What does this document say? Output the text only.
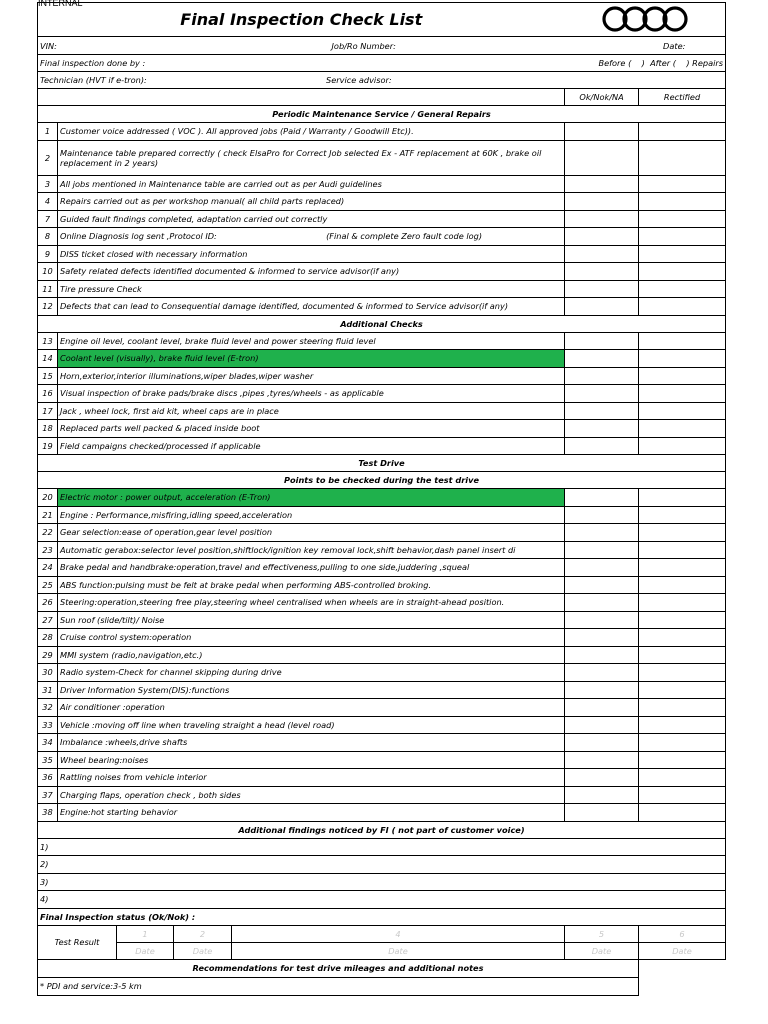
INTERNAL
Final Inspection Check List	

VIN: Job/Ro Number: Date:						

Final inspection done by : Before (    )  After (    ) Repairs						

Technician (HVT if e-tron): Service advisor:						

					Ok/Nok/NA	Rectified
Periodic Maintenance Service / General Repairs						
1	Customer voice addressed ( VOC ). All approved jobs (Paid / Warranty / Goodwill Etc)).					
2	Maintenance table prepared correctly ( check ElsaPro for Correct Job selected Ex - ATF replacement at 60K , brake oil replacement in 2 years)					
3	All jobs mentioned in Maintenance table are carried out as per Audi guidelines					
4	Repairs carried out as per workshop manual( all child parts replaced)					
7	Guided fault findings completed, adaptation carried out correctly					
8	Online Diagnosis log sent ,Protocol ID:                                          (Final & complete Zero fault code log)					
9	DISS ticket closed with necessary information					
10	Safety related defects identified documented & informed to service advisor(if any)					
11	Tire pressure Check					
12	Defects that can lead to Consequential damage identified, documented & informed to Service advisor(if any)					
Additional Checks						
13	Engine oil level, coolant level, brake fluid level and power steering fluid level					
14	Coolant level (visually), brake fluid level (E-tron)					
15	Horn,exterior,interior illuminations,wiper blades,wiper washer					
16	Visual inspection of brake pads/brake discs ,pipes ,tyres/wheels - as applicable					
17	Jack , wheel lock, first aid kit, wheel caps are in place					
18	Replaced parts well packed & placed inside boot					
19	Field campaigns checked/processed if applicable					
Test Drive						
Points to be checked during the test drive						
20	Electric motor : power output, acceleration (E-Tron)					
21	Engine : Performance,misfiring,idling speed,acceleration					
22	Gear selection:ease of operation,gear level position					
23	Automatic gerabox:selector level position,shiftlock/ignition key removal lock,shift behavior,dash panel insert di					
24	Brake pedal and handbrake:operation,travel and effectiveness,pulling to one side,juddering ,squeal					
25	ABS function:pulsing must be felt at brake pedal when performing ABS-controlled broking.					
26	Steering:operation,steering free play,steering wheel centralised when wheels are in straight-ahead position.					
27	Sun roof (slide/tilt)/ Noise					
28	Cruise control system:operation					
29	MMI system (radio,navigation,etc.)					
30	Radio system-Check for channel skipping during drive					
31	Driver Information System(DIS):functions					
32	Air conditioner :operation					
33	Vehicle :moving off line when traveling straight a head (level road)					
34	Imbalance :wheels,drive shafts					
35	Wheel bearing:noises					
36	Rattling noises from vehicle interior					
37	Charging flaps, operation check , both sides					
38	Engine:hot starting behavior					
Additional findings noticed by FI ( not part of customer voice)						
1)						
2)						
3)						
4)						
Final Inspection status (Ok/Nok) :						
Test Result		1	2	4	5	6
		Date	Date	Date	Date	Date
Recommendations for test drive mileages and additional notes						
* PDI and service:3-5 km						
